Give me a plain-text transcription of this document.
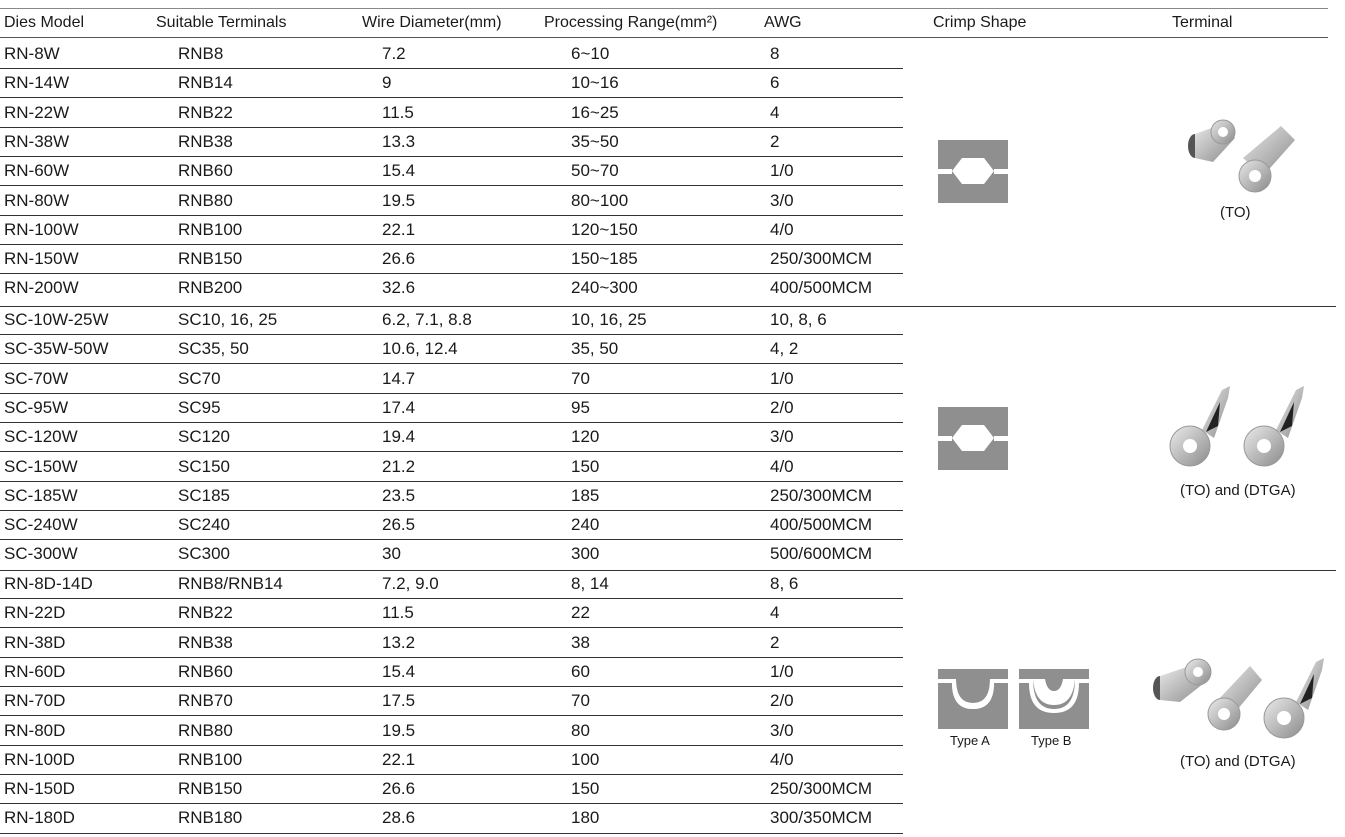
Dies Model	Suitable Terminals	Wire Diameter(mm)	Processing Range(mm²)	AWG	Crimp Shape	Terminal
RN-8W	RNB8	7.2	6~10	8
RN-14W	RNB14	9	10~16	6
RN-22W	RNB22	11.5	16~25	4
RN-38W	RNB38	13.3	35~50	2
RN-60W	RNB60	15.4	50~70	1/0
RN-80W	RNB80	19.5	80~100	3/0
RN-100W	RNB100	22.1	120~150	4/0
RN-150W	RNB150	26.6	150~185	250/300MCM
RN-200W	RNB200	32.6	240~300	400/500MCM
SC-10W-25W	SC10, 16, 25	6.2, 7.1, 8.8	10, 16, 25	10, 8, 6
SC-35W-50W	SC35, 50	10.6, 12.4	35, 50	4, 2
SC-70W	SC70	14.7	70	1/0
SC-95W	SC95	17.4	95	2/0
SC-120W	SC120	19.4	120	3/0
SC-150W	SC150	21.2	150	4/0
SC-185W	SC185	23.5	185	250/300MCM
SC-240W	SC240	26.5	240	400/500MCM
SC-300W	SC300	30	300	500/600MCM
RN-8D-14D	RNB8/RNB14	7.2, 9.0	8, 14	8, 6
RN-22D	RNB22	11.5	22	4
RN-38D	RNB38	13.2	38	2
RN-60D	RNB60	15.4	60	1/0
RN-70D	RNB70	17.5	70	2/0
RN-80D	RNB80	19.5	80	3/0
RN-100D	RNB100	22.1	100	4/0
RN-150D	RNB150	26.6	150	250/300MCM
RN-180D	RNB180	28.6	180	300/350MCM
(TO)
(TO) and (DTGA)
Type A	Type B
(TO) and (DTGA)
